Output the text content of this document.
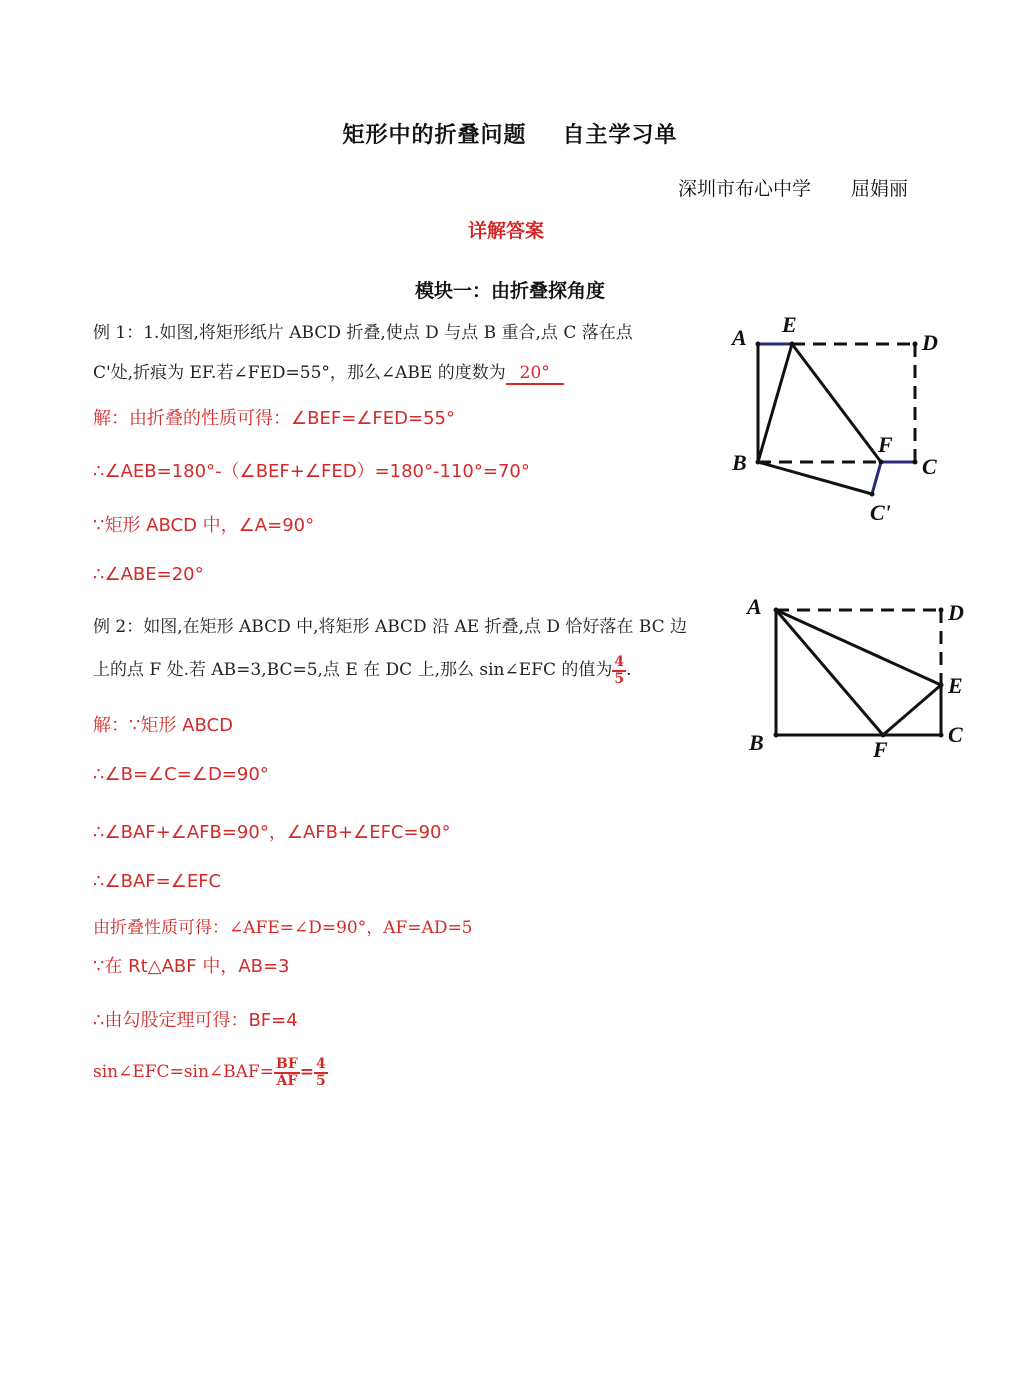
矩形中的折叠问题 自主学习单
深圳市布心中学 屈娟丽
详解答案
模块一：由折叠探角度
例 1：1.如图,将矩形纸片 ABCD 折叠,使点 D 与点 B 重合,点 C 落在点
C'处,折痕为 EF.若∠FED=55°，那么∠ABE 的度数为 20°
解：由折叠的性质可得：∠BEF=∠FED=55°
∴∠AEB=180°-（∠BEF+∠FED）=180°-110°=70°
∵矩形 ABCD 中，∠A=90°
∴∠ABE=20°
A
E
D
B
F
C
C'
例 2：如图,在矩形 ABCD 中,将矩形 ABCD 沿 AE 折叠,点 D 恰好落在 BC 边
上的点 F 处.若 AB=3,BC=5,点 E 在 DC 上,那么 sin∠EFC 的值为 $\frac{4}{5}$ .
解：∵矩形 ABCD
∴∠B=∠C=∠D=90°
∴∠BAF+∠AFB=90°，∠AFB+∠EFC=90°
∴∠BAF=∠EFC
由折叠性质可得：∠AFE=∠D=90°，AF=AD=5
∵在 Rt△ABF 中，AB=3
∴由勾股定理可得：BF=4
sin∠EFC=sin∠BAF= $\frac{BF}{AF} = \frac{4}{5}$
A	D
E
B	F
C
